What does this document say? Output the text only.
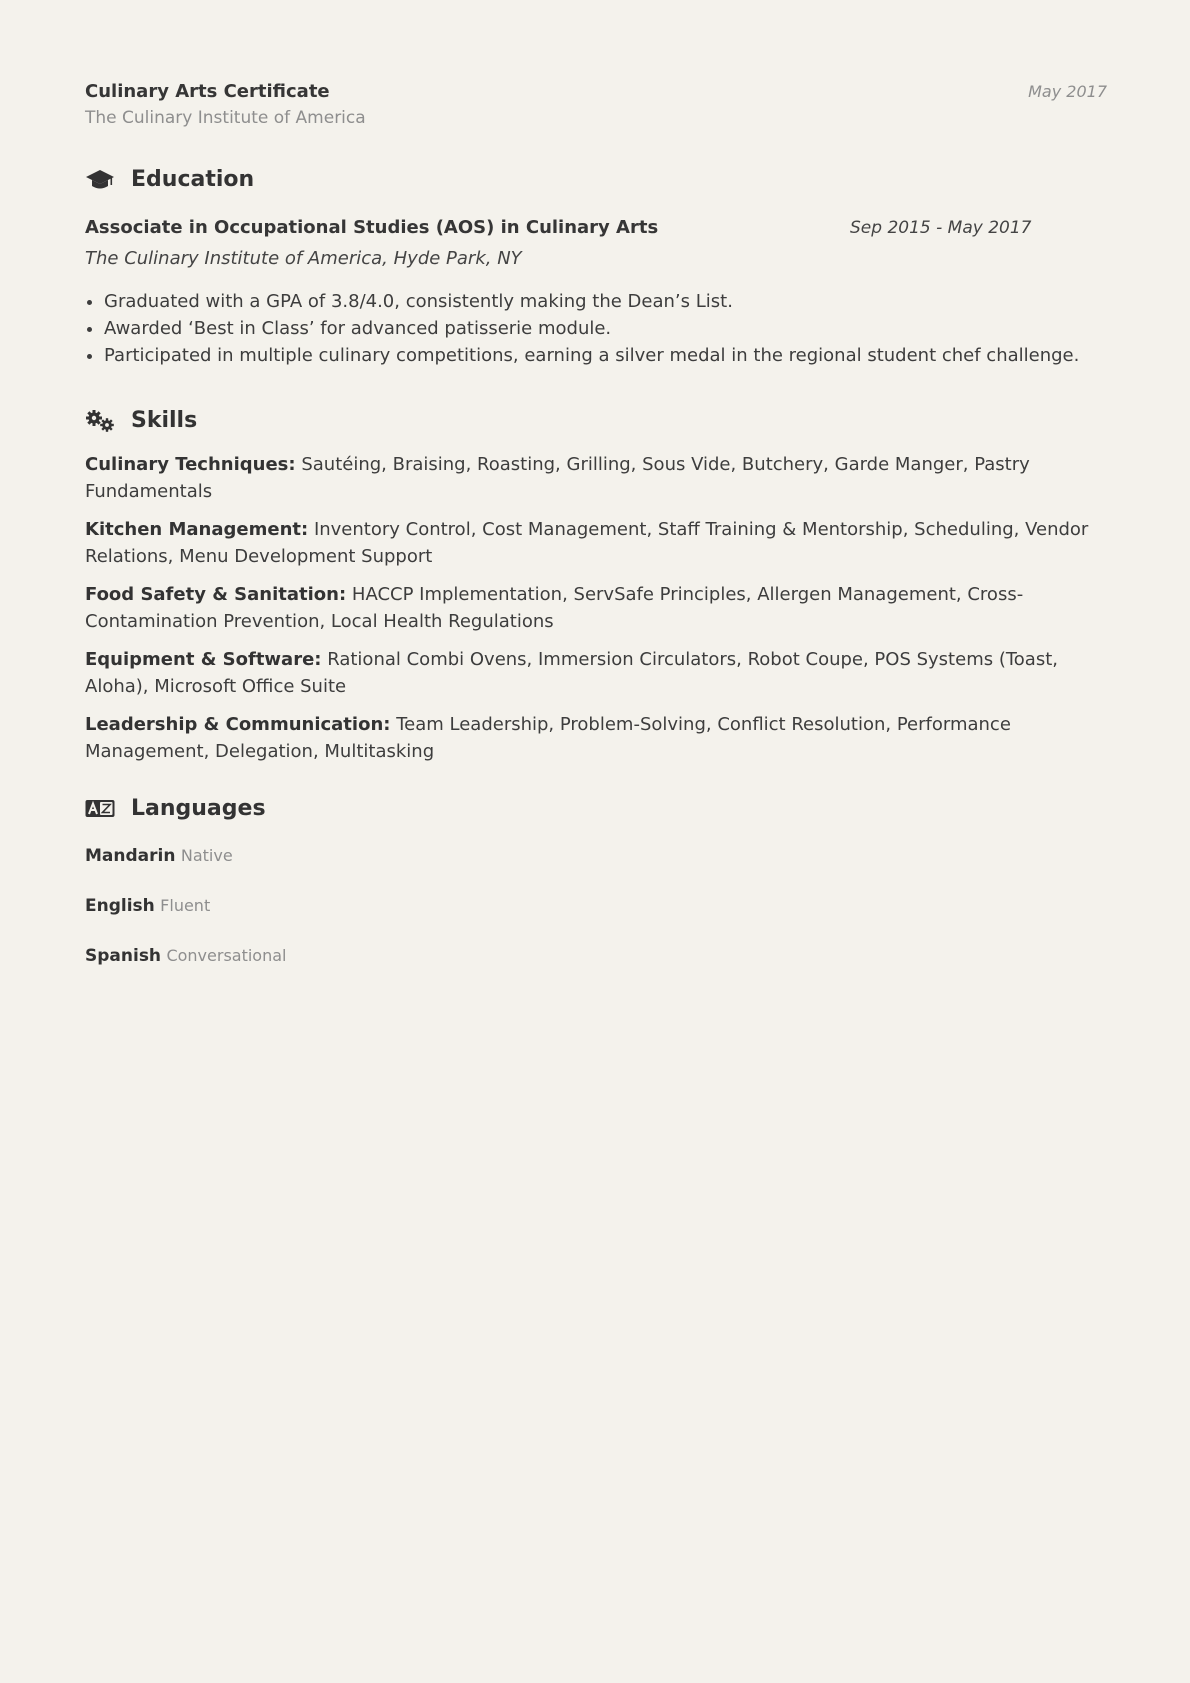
Culinary Arts Certificate
The Culinary Institute of America
May 2017
Education
Associate in Occupational Studies (AOS) in Culinary Arts	Sep 2015 - May 2017
The Culinary Institute of America, Hyde Park, NY
Graduated with a GPA of 3.8/4.0, consistently making the Dean’s List.
Awarded ‘Best in Class’ for advanced patisserie module.
Participated in multiple culinary competitions, earning a silver medal in the regional student chef challenge.
Skills
Culinary Techniques: Sautéing, Braising, Roasting, Grilling, Sous Vide, Butchery, Garde Manger, Pastry Fundamentals
Kitchen Management: Inventory Control, Cost Management, Staff Training & Mentorship, Scheduling, Vendor Relations, Menu Development Support
Food Safety & Sanitation: HACCP Implementation, ServSafe Principles, Allergen Management, Cross-Contamination Prevention, Local Health Regulations
Equipment & Software: Rational Combi Ovens, Immersion Circulators, Robot Coupe, POS Systems (Toast, Aloha), Microsoft Office Suite
Leadership & Communication: Team Leadership, Problem-Solving, Conflict Resolution, Performance Management, Delegation, Multitasking
Languages
Mandarin Native
English Fluent
Spanish Conversational
